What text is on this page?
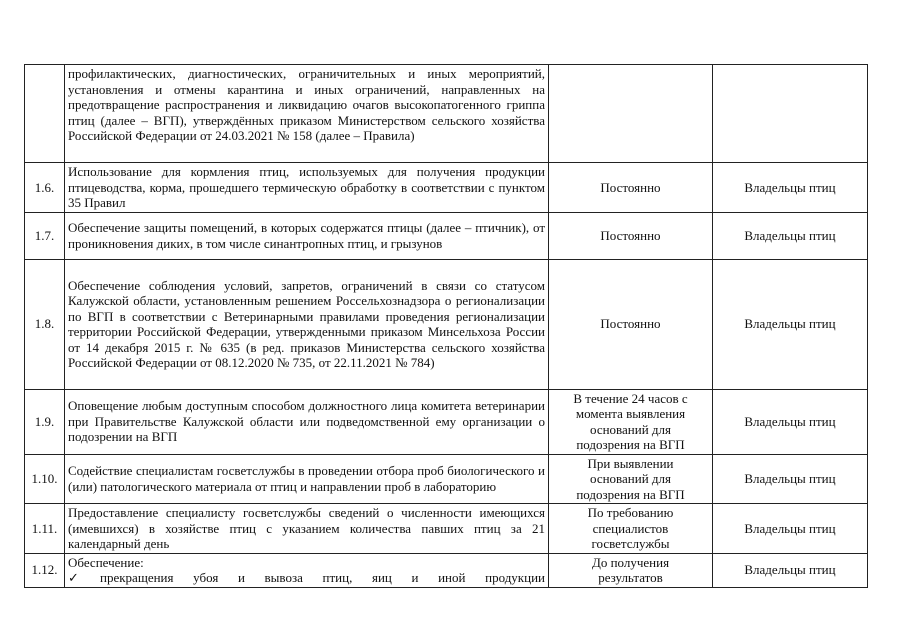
	профилактических, диагностических, ограничительных и иных мероприятий, установления и отмены карантина и иных ограничений, направленных на предотвращение распространения и ликвидацию очагов высокопатогенного гриппа птиц (далее – ВГП), утверждённых приказом Министерством сельского хозяйства Российской Федерации от 24.03.2021 № 158 (далее – Правила)		
1.6.	Использование для кормления птиц, используемых для получения продукции птицеводства, корма, прошедшего термическую обработку в соответствии с пунктом 35 Правил	Постоянно	Владельцы птиц
1.7.	Обеспечение защиты помещений, в которых содержатся птицы (далее – птичник), от проникновения диких, в том числе синантропных птиц, и грызунов	Постоянно	Владельцы птиц
1.8.	Обеспечение соблюдения условий, запретов, ограничений в связи со статусом Калужской области, установленным решением Россельхознадзора о регионализации по ВГП в соответствии с Ветеринарными правилами проведения регионализации территории Российской Федерации, утвержденными приказом Минсельхоза России от 14 декабря 2015 г. № 635 (в ред. приказов Министерства сельского хозяйства Российской Федерации от 08.12.2020 № 735, от 22.11.2021 № 784)	Постоянно	Владельцы птиц
1.9.	Оповещение любым доступным способом должностного лица комитета ветеринарии при Правительстве Калужской области или подведомственной ему организации о подозрении на ВГП	В течение 24 часов с
момента выявления
оснований для
подозрения на ВГП	Владельцы птиц
1.10.	Содействие специалистам госветслужбы в проведении отбора проб биологического и (или) патологического материала от птиц и направлении проб в лабораторию	При выявлении
оснований для
подозрения на ВГП	Владельцы птиц
1.11.	Предоставление специалисту госветслужбы сведений о численности имеющихся (имевшихся) в хозяйстве птиц с указанием количества павших птиц за 21 календарный день	По требованию
специалистов
госветслужбы	Владельцы птиц
1.12.	Обеспечение:
✓ прекращения убоя и вывоза птиц, яиц и иной продукции	До получения
результатов	Владельцы птиц
